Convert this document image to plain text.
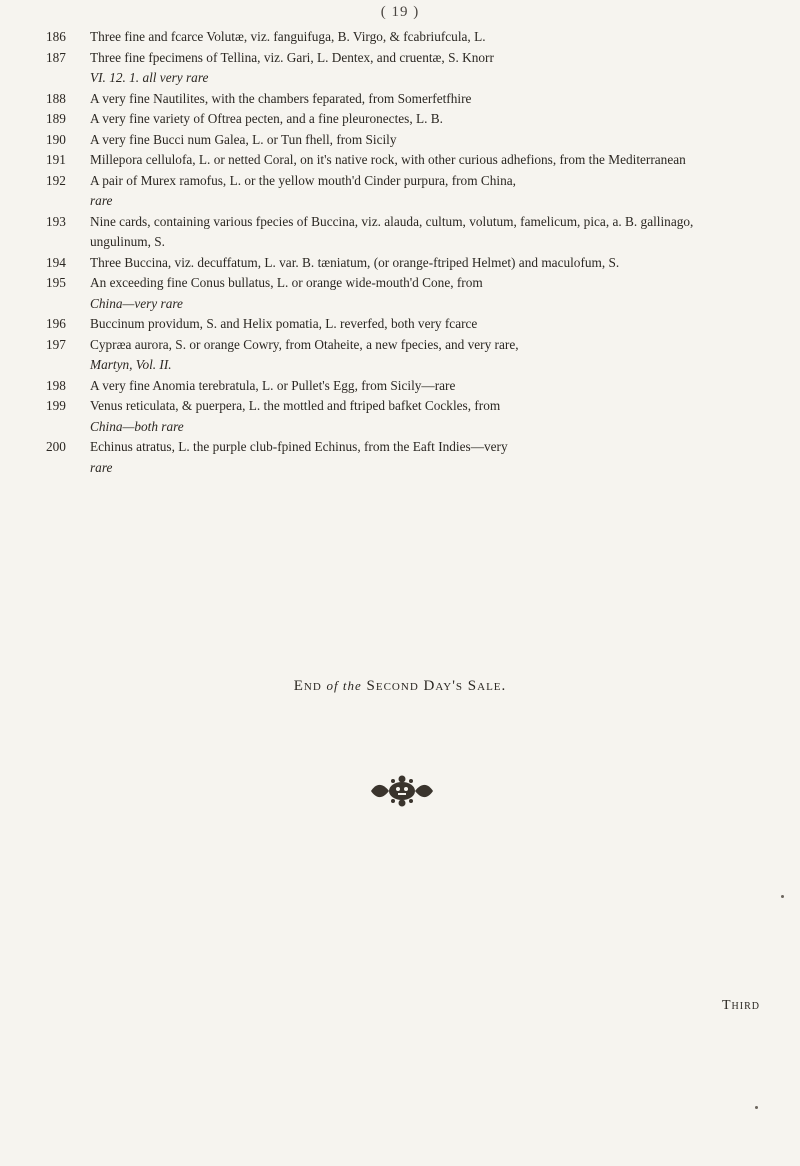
( 19 )
186	Three fine and fcarce Volutæ, viz. fanguifuga, B. Virgo, & fcabriufcula, L.
187	Three fine fpecimens of Tellina, viz. Gari, L. Dentex, and cruentæ, S. Knorr
VI. 12. 1. all very rare
188	A very fine Nautilites, with the chambers feparated, from Somerfetfhire
189	A very fine variety of Oftrea pecten, and a fine pleuronectes, L. B.
190	A very fine Bucci num Galea, L. or Tun fhell, from Sicily
191	Millepora cellulofa, L. or netted Coral, on it's native rock, with other curious adhefions, from the Mediterranean
192	A pair of Murex ramofus, L. or the yellow mouth'd Cinder purpura, from China,
rare
193	Nine cards, containing various fpecies of Buccina, viz. alauda, cultum, volutum, famelicum, pica, a. B. gallinago, ungulinum, S.
194	Three Buccina, viz. decuffatum, L. var. B. tæniatum, (or orange-ftriped Helmet) and maculofum, S.
195	An exceeding fine Conus bullatus, L. or orange wide-mouth'd Cone, from
China—very rare
196	Buccinum providum, S. and Helix pomatia, L. reverfed, both very fcarce
197	Cypræa aurora, S. or orange Cowry, from Otaheite, a new fpecies, and very rare,
Martyn, Vol. II.
198	A very fine Anomia terebratula, L. or Pullet's Egg, from Sicily—rare
199	Venus reticulata, & puerpera, L. the mottled and ftriped bafket Cockles, from
China—both rare
200	Echinus atratus, L. the purple club-fpined Echinus, from the Eaft Indies—very
rare
End of the Second Day's Sale.
Third
